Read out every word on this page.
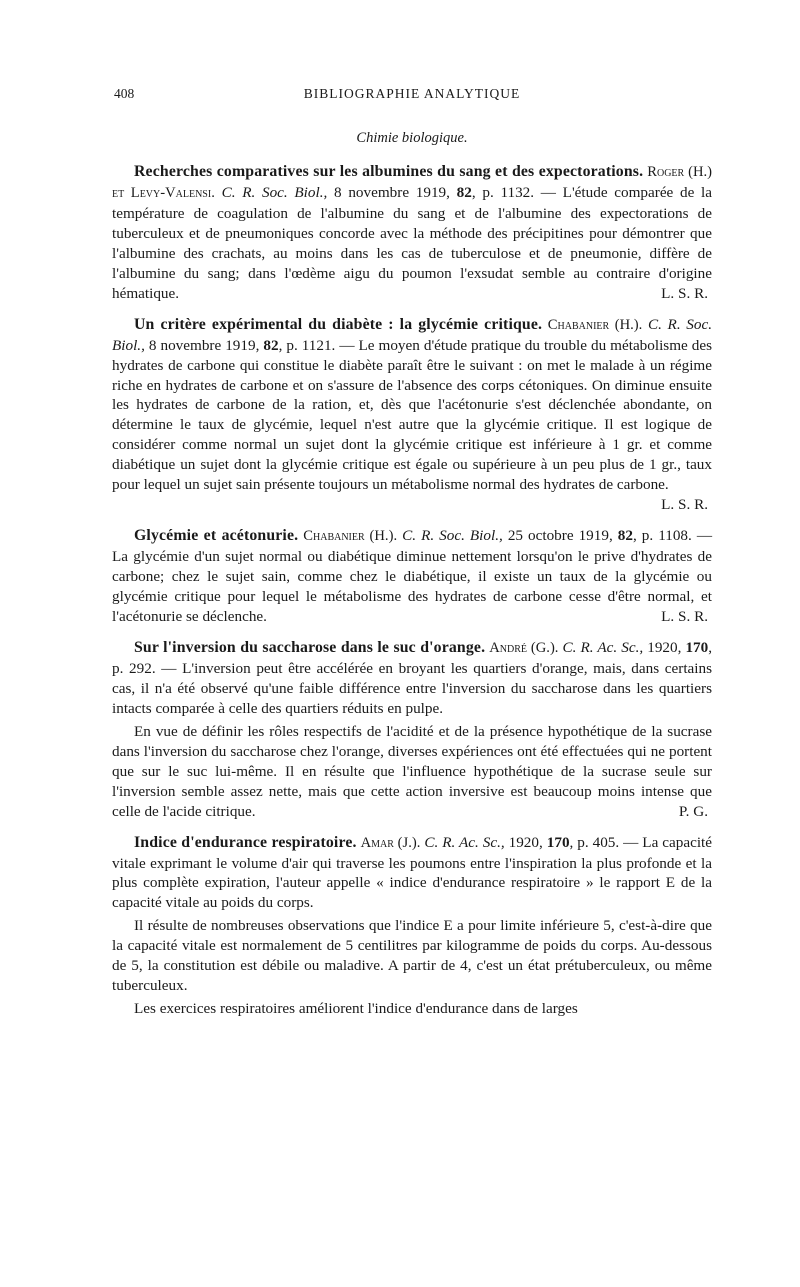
408	BIBLIOGRAPHIE ANALYTIQUE
Chimie biologique.

Recherches comparatives sur les albumines du sang et des expectorations. Roger (H.) et Levy-Valensi. C. R. Soc. Biol., 8 novembre 1919, 82, p. 1132. — L'étude comparée de la température de coagulation de l'albumine du sang et de l'albumine des expectorations de tuberculeux et de pneumoniques concorde avec la méthode des précipitines pour démontrer que l'albumine des crachats, au moins dans les cas de tuberculose et de pneumonie, diffère de l'albumine du sang; dans l'œdème aigu du poumon l'exsudat semble au contraire d'origine hématique.	L. S. R.

Un critère expérimental du diabète : la glycémie critique. Chabanier (H.). C. R. Soc. Biol., 8 novembre 1919, 82, p. 1121. — Le moyen d'étude pratique du trouble du métabolisme des hydrates de carbone qui constitue le diabète paraît être le suivant : on met le malade à un régime riche en hydrates de carbone et on s'assure de l'absence des corps cétoniques. On diminue ensuite les hydrates de carbone de la ration, et, dès que l'acétonurie s'est déclenchée abondante, on détermine le taux de glycémie, lequel n'est autre que la glycémie critique. Il est logique de considérer comme normal un sujet dont la glycémie critique est inférieure à 1 gr. et comme diabétique un sujet dont la glycémie critique est égale ou supérieure à un peu plus de 1 gr., taux pour lequel un sujet sain présente toujours un métabolisme normal des hydrates de carbone.
L. S. R.

Glycémie et acétonurie. Chabanier (H.). C. R. Soc. Biol., 25 octobre 1919, 82, p. 1108. — La glycémie d'un sujet normal ou diabétique diminue nettement lorsqu'on le prive d'hydrates de carbone; chez le sujet sain, comme chez le diabétique, il existe un taux de la glycémie ou glycémie critique pour lequel le métabolisme des hydrates de carbone cesse d'être normal, et l'acétonurie se déclenche.	L. S. R.

Sur l'inversion du saccharose dans le suc d'orange. André (G.). C. R. Ac. Sc., 1920, 170, p. 292. — L'inversion peut être accélérée en broyant les quartiers d'orange, mais, dans certains cas, il n'a été observé qu'une faible différence entre l'inversion du saccharose dans les quartiers intacts comparée à celle des quartiers réduits en pulpe.

En vue de définir les rôles respectifs de l'acidité et de la présence hypothétique de la sucrase dans l'inversion du saccharose chez l'orange, diverses expériences ont été effectuées qui ne portent que sur le suc lui-même. Il en résulte que l'influence hypothétique de la sucrase seule sur l'inversion semble assez nette, mais que cette action inversive est beaucoup moins intense que celle de l'acide citrique.	P. G.

Indice d'endurance respiratoire. Amar (J.). C. R. Ac. Sc., 1920, 170, p. 405. — La capacité vitale exprimant le volume d'air qui traverse les poumons entre l'inspiration la plus profonde et la plus complète expiration, l'auteur appelle « indice d'endurance respiratoire » le rapport E de la capacité vitale au poids du corps.

Il résulte de nombreuses observations que l'indice E a pour limite inférieure 5, c'est-à-dire que la capacité vitale est normalement de 5 centilitres par kilogramme de poids du corps. Au-dessous de 5, la constitution est débile ou maladive. A partir de 4, c'est un état prétuberculeux, ou même tuberculeux.

Les exercices respiratoires améliorent l'indice d'endurance dans de larges
